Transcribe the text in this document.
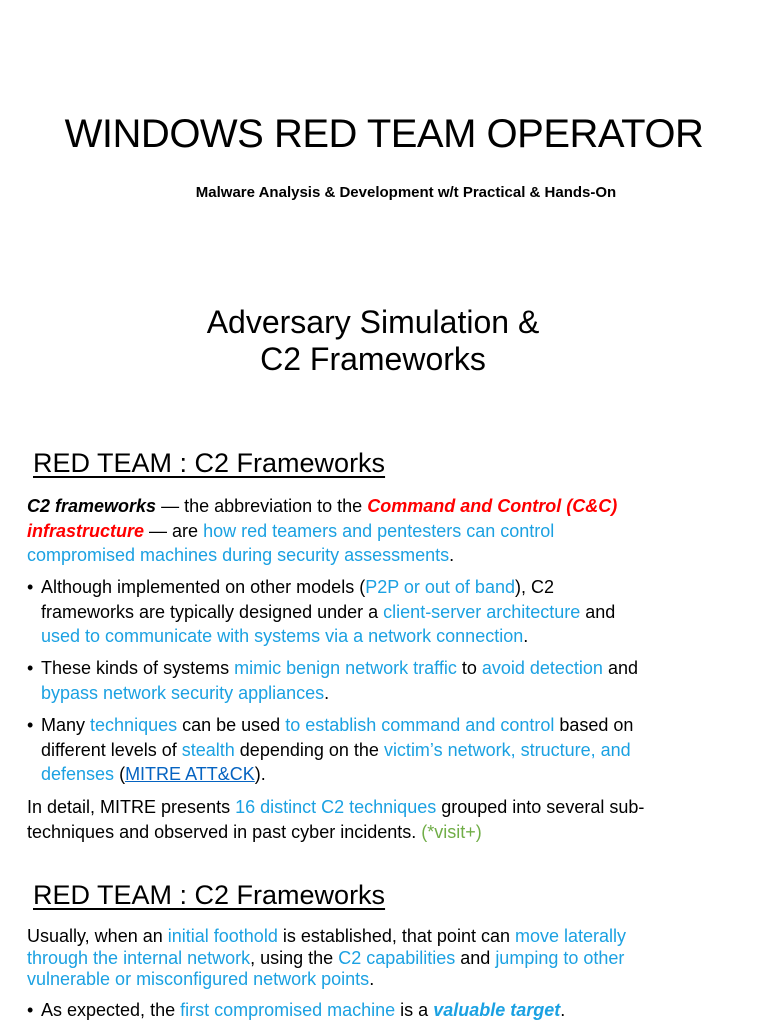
WINDOWS RED TEAM OPERATOR
Malware Analysis & Development w/t Practical & Hands-On
Adversary Simulation &
C2 Frameworks
RED TEAM : C2 Frameworks
C2 frameworks — the abbreviation to the Command and Control (C&C)
infrastructure — are how red teamers and pentesters can control
compromised machines during security assessments.
• Although implemented on other models (P2P or out of band), C2
frameworks are typically designed under a client-server architecture and
used to communicate with systems via a network connection.
• These kinds of systems mimic benign network traffic to avoid detection and
bypass network security appliances.
• Many techniques can be used to establish command and control based on
different levels of stealth depending on the victim’s network, structure, and
defenses (MITRE ATT&CK).
In detail, MITRE presents 16 distinct C2 techniques grouped into several sub-
techniques and observed in past cyber incidents. (*visit+)
RED TEAM : C2 Frameworks
Usually, when an initial foothold is established, that point can move laterally
through the internal network, using the C2 capabilities and jumping to other
vulnerable or misconfigured network points.
• As expected, the first compromised machine is a valuable target.
